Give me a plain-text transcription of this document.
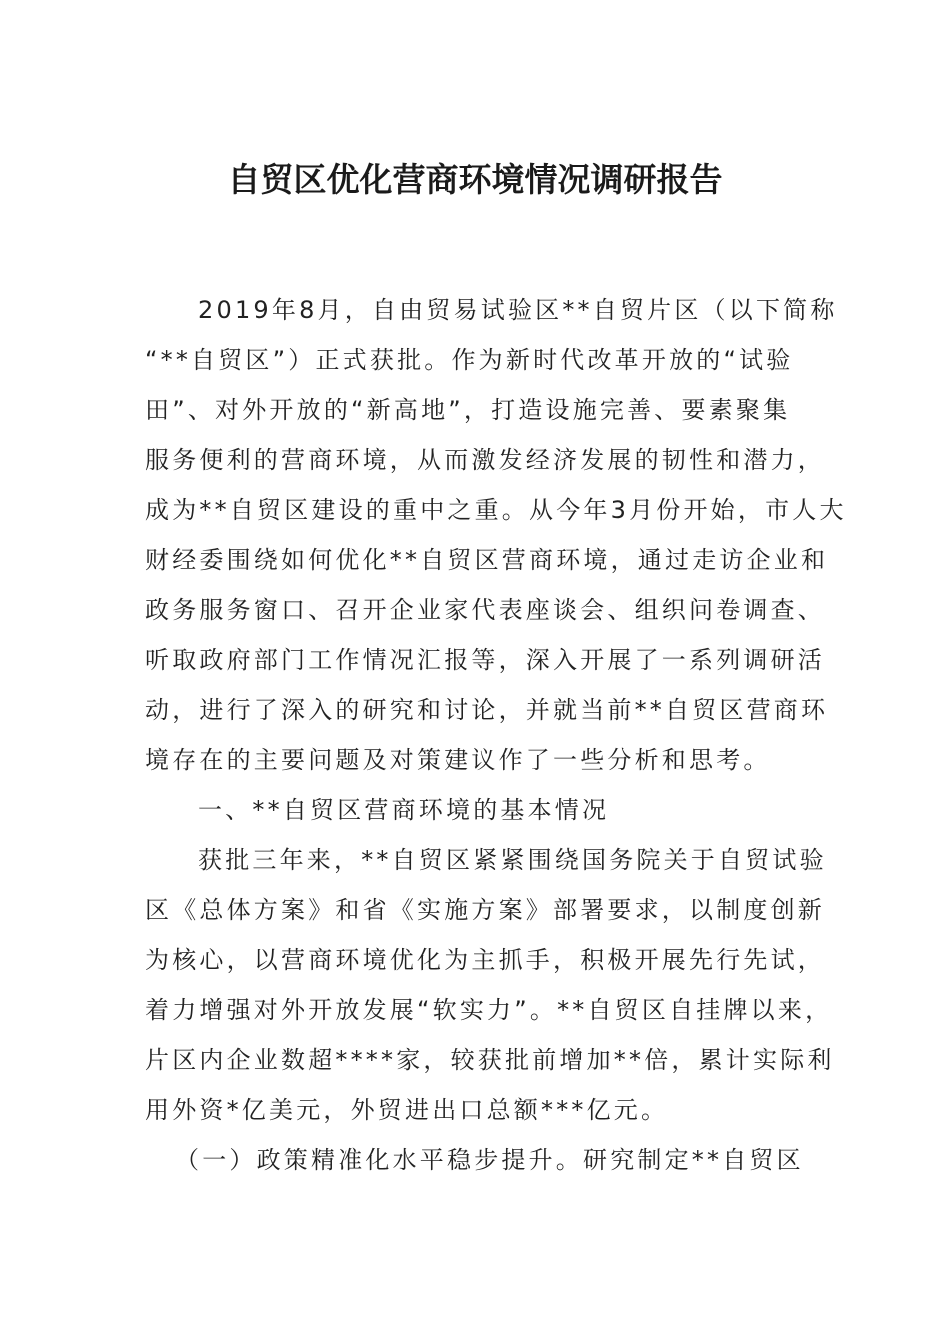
自贸区优化营商环境情况调研报告
2019年8月，自由贸易试验区**自贸片区（以下简称
“**自贸区”）正式获批。作为新时代改革开放的“试验
田”、对外开放的“新高地”，打造设施完善、要素聚集
服务便利的营商环境，从而激发经济发展的韧性和潜力，
成为**自贸区建设的重中之重。从今年3月份开始，市人大
财经委围绕如何优化**自贸区营商环境，通过走访企业和
政务服务窗口、召开企业家代表座谈会、组织问卷调查、
听取政府部门工作情况汇报等，深入开展了一系列调研活
动，进行了深入的研究和讨论，并就当前**自贸区营商环
境存在的主要问题及对策建议作了一些分析和思考。
一、**自贸区营商环境的基本情况
获批三年来，**自贸区紧紧围绕国务院关于自贸试验
区《总体方案》和省《实施方案》部署要求，以制度创新
为核心，以营商环境优化为主抓手，积极开展先行先试，
着力增强对外开放发展“软实力”。**自贸区自挂牌以来，
片区内企业数超****家，较获批前增加**倍，累计实际利
用外资*亿美元，外贸进出口总额***亿元。
（一）政策精准化水平稳步提升。研究制定**自贸区
